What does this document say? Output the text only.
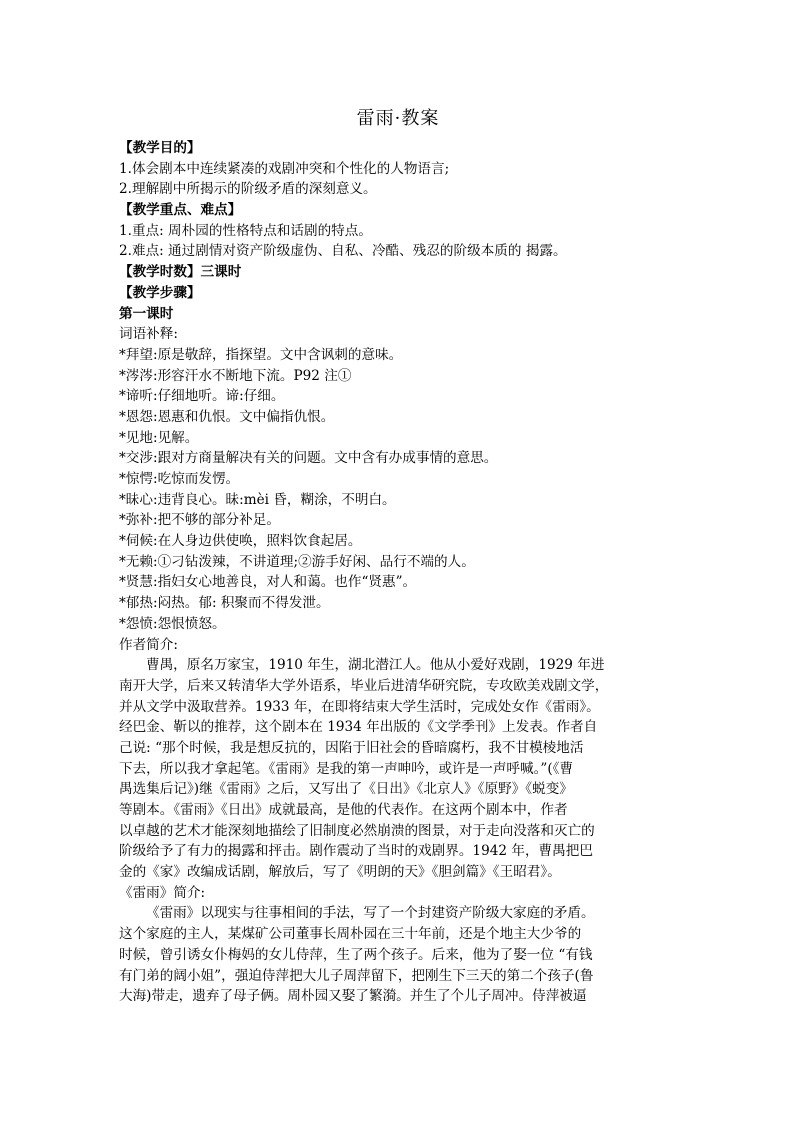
雷雨·教案
【教学目的】
1.体会剧本中连续紧凑的戏剧冲突和个性化的人物语言;
2.理解剧中所揭示的阶级矛盾的深刻意义。
【教学重点、难点】
1.重点: 周朴园的性格特点和话剧的特点。
2.难点: 通过剧情对资产阶级虚伪、自私、冷酷、残忍的阶级本质的 揭露。
【教学时数】三课时
【教学步骤】
第一课时
词语补释:
*拜望:原是敬辞，指探望。文中含讽刺的意味。
*涔涔:形容汗水不断地下流。P92 注①
*谛听:仔细地听。谛:仔细。
*恩怨:恩惠和仇恨。文中偏指仇恨。
*见地:见解。
*交涉:跟对方商量解决有关的问题。文中含有办成事情的意思。
*惊愕:吃惊而发愣。
*昧心:违背良心。昧:mèi 昏，糊涂，不明白。
*弥补:把不够的部分补足。
*伺候:在人身边供使唤，照料饮食起居。
*无赖:①刁钻泼辣，不讲道理;②游手好闲、品行不端的人。
*贤慧:指妇女心地善良，对人和蔼。也作“贤惠”。
*郁热:闷热。郁: 积聚而不得发泄。
*怨愤:怨恨愤怒。
作者简介:
曹禺，原名万家宝，1910 年生，湖北潜江人。他从小爱好戏剧，1929 年进
南开大学，后来又转清华大学外语系，毕业后进清华研究院，专攻欧美戏剧文学，
并从文学中汲取营养。1933 年，在即将结束大学生活时，完成处女作《雷雨》。
经巴金、靳以的推荐，这个剧本在 1934 年出版的《文学季刊》上发表。作者自
己说: “那个时候，我是想反抗的，因陷于旧社会的昏暗腐朽，我不甘模棱地活
下去，所以我才拿起笔。《雷雨》是我的第一声呻吟，或许是一声呼喊。”(《曹
禺选集后记》)继《雷雨》之后，又写出了《日出》《北京人》《原野》《蜕变》
等剧本。《雷雨》《日出》成就最高，是他的代表作。在这两个剧本中，作者
以卓越的艺术才能深刻地描绘了旧制度必然崩溃的图景，对于走向没落和灭亡的
阶级给予了有力的揭露和抨击。剧作震动了当时的戏剧界。1942 年，曹禺把巴
金的《家》改编成话剧，解放后，写了《明朗的天》《胆剑篇》《王昭君》。
《雷雨》简介:
《雷雨》以现实与往事相间的手法，写了一个封建资产阶级大家庭的矛盾。
这个家庭的主人，某煤矿公司董事长周朴园在三十年前，还是个地主大少爷的
时候，曾引诱女仆梅妈的女儿侍萍，生了两个孩子。后来，他为了娶一位 “有钱
有门弟的阔小姐”，强迫侍萍把大儿子周萍留下，把刚生下三天的第二个孩子(鲁
大海)带走，遗弃了母子俩。周朴园又娶了繁漪。并生了个儿子周冲。侍萍被逼
